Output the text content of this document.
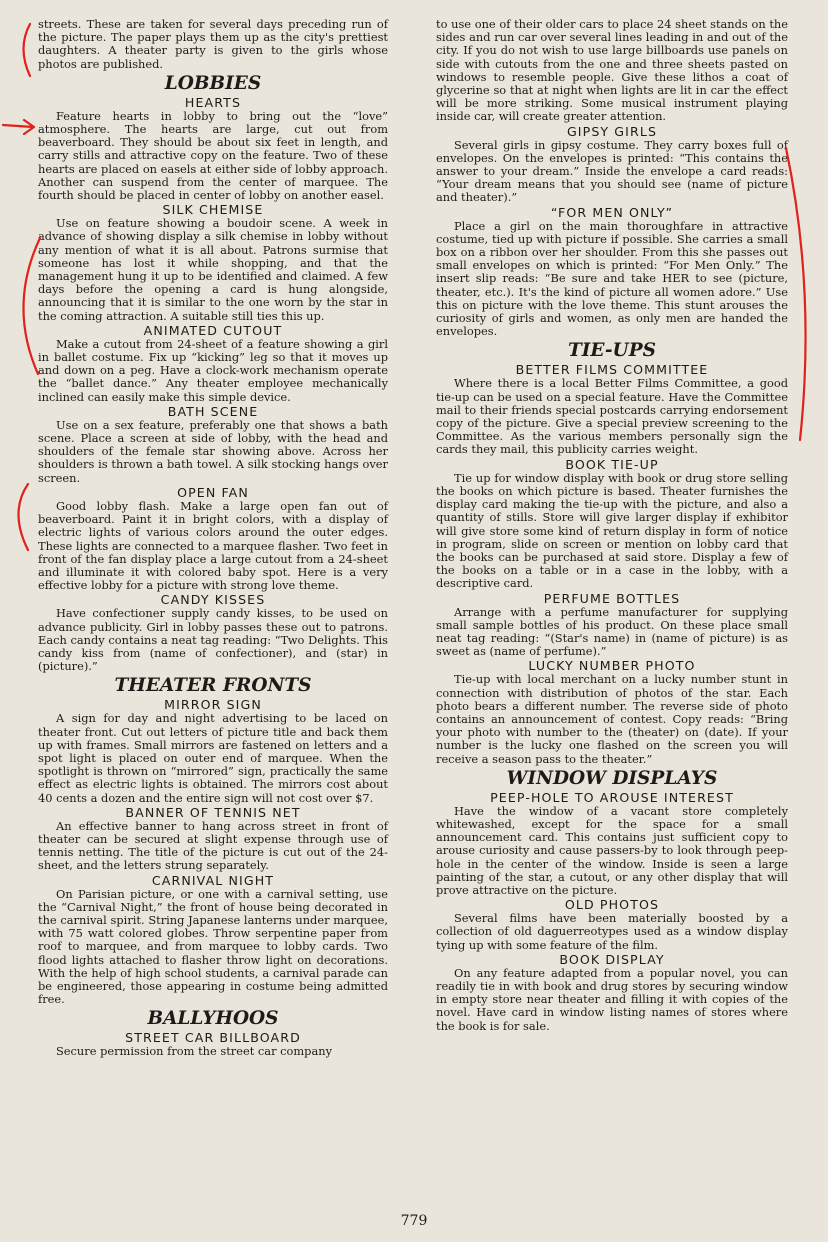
streets. These are taken for several days preceding run of the picture. The paper plays them up as the city's prettiest daughters. A theater party is given to the girls whose photos are published.

LOBBIES
HEARTS

Feature hearts in lobby to bring out the “love” atmosphere. The hearts are large, cut out from beaverboard. They should be about six feet in length, and carry stills and attractive copy on the feature. Two of these hearts are placed on easels at either side of lobby approach. Another can suspend from the center of marquee. The fourth should be placed in center of lobby on another easel.

SILK CHEMISE

Use on feature showing a boudoir scene. A week in advance of showing display a silk chemise in lobby without any mention of what it is all about. Patrons surmise that someone has lost it while shopping, and that the management hung it up to be identified and claimed. A few days before the opening a card is hung alongside, announcing that it is similar to the one worn by the star in the coming attraction. A suitable still ties this up.

ANIMATED CUTOUT

Make a cutout from 24-sheet of a feature showing a girl in ballet costume. Fix up “kicking” leg so that it moves up and down on a peg. Have a clock-work mechanism operate the “ballet dance.” Any theater employee mechanically inclined can easily make this simple device.

BATH SCENE

Use on a sex feature, preferably one that shows a bath scene. Place a screen at side of lobby, with the head and shoulders of the female star showing above. Across her shoulders is thrown a bath towel. A silk stocking hangs over screen.

OPEN FAN

Good lobby flash. Make a large open fan out of beaverboard. Paint it in bright colors, with a display of electric lights of various colors around the outer edges. These lights are connected to a marquee flasher. Two feet in front of the fan display place a large cutout from a 24-sheet and illuminate it with colored baby spot. Here is a very effective lobby for a picture with strong love theme.

CANDY KISSES

Have confectioner supply candy kisses, to be used on advance publicity. Girl in lobby passes these out to patrons. Each candy contains a neat tag reading: “Two Delights. This candy kiss from (name of confectioner), and (star) in (picture).”

THEATER FRONTS
MIRROR SIGN

A sign for day and night advertising to be laced on theater front. Cut out letters of picture title and back them up with frames. Small mirrors are fastened on letters and a spot light is placed on outer end of marquee. When the spotlight is thrown on “mirrored” sign, practically the same effect as electric lights is obtained. The mirrors cost about 40 cents a dozen and the entire sign will not cost over $7.

BANNER OF TENNIS NET

An effective banner to hang across street in front of theater can be secured at slight expense through use of tennis netting. The title of the picture is cut out of the 24-sheet, and the letters strung separately.

CARNIVAL NIGHT

On Parisian picture, or one with a carnival setting, use the “Carnival Night,” the front of house being decorated in the carnival spirit. String Japanese lanterns under marquee, with 75 watt colored globes. Throw serpentine paper from roof to marquee, and from marquee to lobby cards. Two flood lights attached to flasher throw light on decorations. With the help of high school students, a carnival parade can be engineered, those appearing in costume being admitted free.

BALLYHOOS
STREET CAR BILLBOARD

Secure permission from the street car company

to use one of their older cars to place 24 sheet stands on the sides and run car over several lines leading in and out of the city. If you do not wish to use large billboards use panels on side with cutouts from the one and three sheets pasted on windows to resemble people. Give these lithos a coat of glycerine so that at night when lights are lit in car the effect will be more striking. Some musical instrument playing inside car, will create greater attention.

GIPSY GIRLS

Several girls in gipsy costume. They carry boxes full of envelopes. On the envelopes is printed: “This contains the answer to your dream.” Inside the envelope a card reads: “Your dream means that you should see (name of picture and theater).”

“FOR MEN ONLY”

Place a girl on the main thoroughfare in attractive costume, tied up with picture if possible. She carries a small box on a ribbon over her shoulder. From this she passes out small envelopes on which is printed: “For Men Only.” The insert slip reads: “Be sure and take HER to see (picture, theater, etc.). It's the kind of picture all women adore.” Use this on picture with the love theme. This stunt arouses the curiosity of girls and women, as only men are handed the envelopes.

TIE-UPS
BETTER FILMS COMMITTEE

Where there is a local Better Films Committee, a good tie-up can be used on a special feature. Have the Committee mail to their friends special postcards carrying endorsement copy of the picture. Give a special preview screening to the Committee. As the various members personally sign the cards they mail, this publicity carries weight.

BOOK TIE-UP

Tie up for window display with book or drug store selling the books on which picture is based. Theater furnishes the display card making the tie-up with the picture, and also a quantity of stills. Store will give larger display if exhibitor will give store some kind of return display in form of notice in program, slide on screen or mention on lobby card that the books can be purchased at said store. Display a few of the books on a table or in a case in the lobby, with a descriptive card.

PERFUME BOTTLES

Arrange with a perfume manufacturer for supplying small sample bottles of his product. On these place small neat tag reading: “(Star's name) in (name of picture) is as sweet as (name of perfume).”

LUCKY NUMBER PHOTO

Tie-up with local merchant on a lucky number stunt in connection with distribution of photos of the star. Each photo bears a different number. The reverse side of photo contains an announcement of contest. Copy reads: “Bring your photo with number to the (theater) on (date). If your number is the lucky one flashed on the screen you will receive a season pass to the theater.”

WINDOW DISPLAYS
PEEP-HOLE TO AROUSE INTEREST

Have the window of a vacant store completely whitewashed, except for the space for a small announcement card. This contains just sufficient copy to arouse curiosity and cause passers-by to look through peep-hole in the center of the window. Inside is seen a large painting of the star, a cutout, or any other display that will prove attractive on the picture.

OLD PHOTOS

Several films have been materially boosted by a collection of old daguerreotypes used as a window display tying up with some feature of the film.

BOOK DISPLAY

On any feature adapted from a popular novel, you can readily tie in with book and drug stores by securing window in empty store near theater and filling it with copies of the novel. Have card in window listing names of stores where the book is for sale.

779
